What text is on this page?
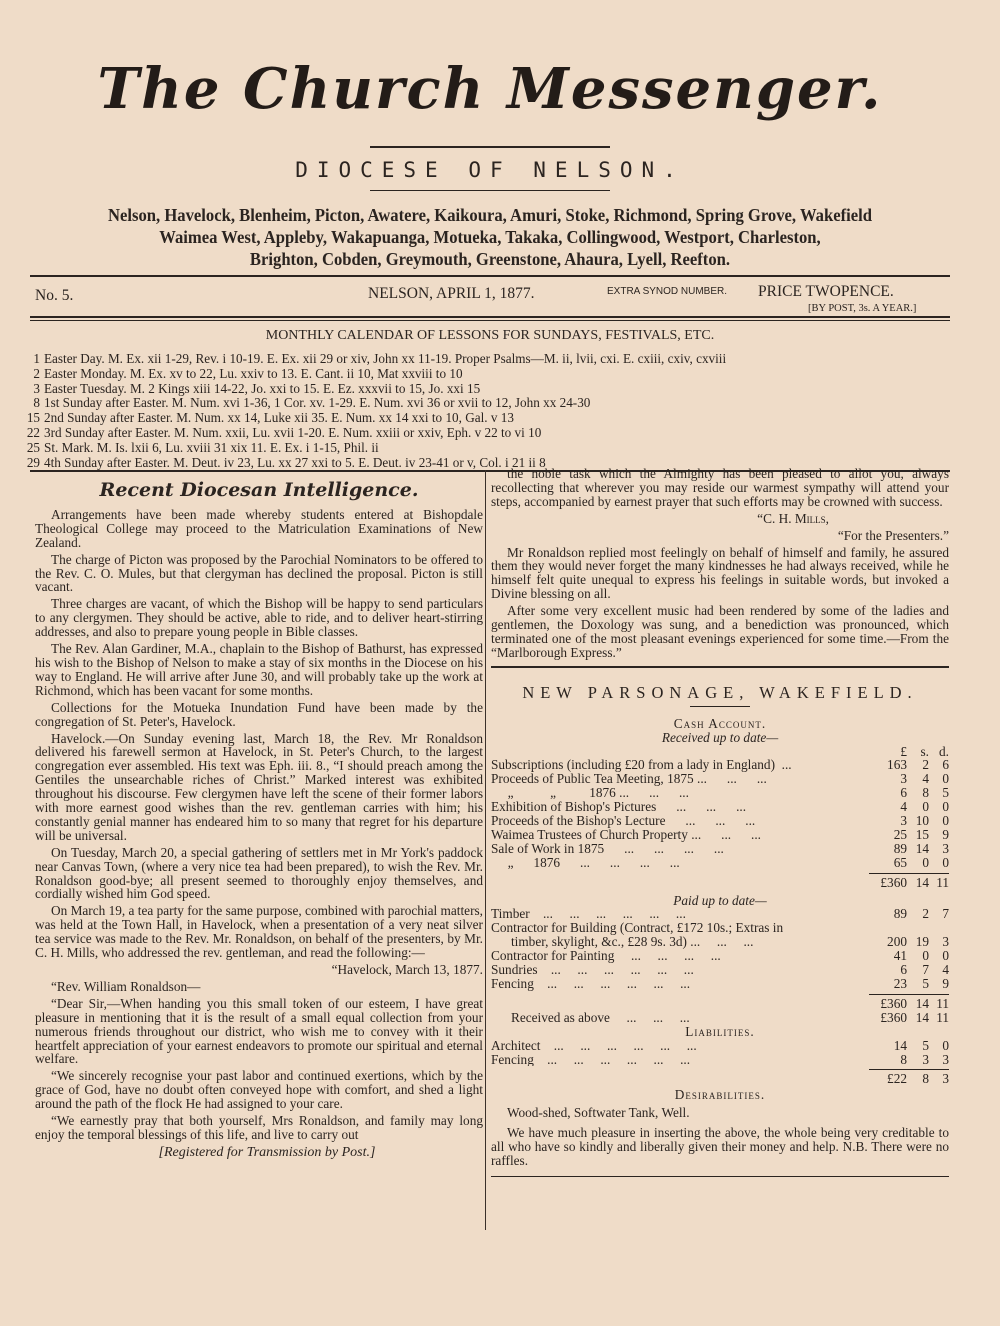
The Church Messenger.
DIOCESE OF NELSON.
Nelson, Havelock, Blenheim, Picton, Awatere, Kaikoura, Amuri, Stoke, Richmond, Spring Grove, Wakefield
Waimea West, Appleby, Wakapuanga, Motueka, Takaka, Collingwood, Westport, Charleston,
Brighton, Cobden, Greymouth, Greenstone, Ahaura, Lyell, Reefton.
No. 5.	NELSON, APRIL 1, 1877.	EXTRA SYNOD NUMBER. PRICE TWOPENCE.
[BY POST, 3s. A YEAR.]
MONTHLY CALENDAR OF LESSONS FOR SUNDAYS, FESTIVALS, ETC.
1 Easter Day. M. Ex. xii 1-29, Rev. i 10-19. E. Ex. xii 29 or xiv, John xx 11-19. Proper Psalms—M. ii, lvii, cxi. E. cxiii, cxiv, cxviii
2 Easter Monday. M. Ex. xv to 22, Lu. xxiv to 13. E. Cant. ii 10, Mat xxviii to 10
3 Easter Tuesday. M. 2 Kings xiii 14-22, Jo. xxi to 15. E. Ez. xxxvii to 15, Jo. xxi 15
8 1st Sunday after Easter. M. Num. xvi 1-36, 1 Cor. xv. 1-29. E. Num. xvi 36 or xvii to 12, John xx 24-30
15 2nd Sunday after Easter. M. Num. xx 14, Luke xii 35. E. Num. xx 14 xxi to 10, Gal. v 13
22 3rd Sunday after Easter. M. Num. xxii, Lu. xvii 1-20. E. Num. xxiii or xxiv, Eph. v 22 to vi 10
25 St. Mark. M. Is. lxii 6, Lu. xviii 31 xix 11. E. Ex. i 1-15, Phil. ii
29 4th Sunday after Easter. M. Deut. iv 23, Lu. xx 27 xxi to 5. E. Deut. iv 23-41 or v, Col. i 21 ii 8
Recent Diocesan Intelligence.

Arrangements have been made whereby students entered at Bishopdale Theological College may proceed to the Matriculation Examinations of New Zealand.

The charge of Picton was proposed by the Parochial Nominators to be offered to the Rev. C. O. Mules, but that clergyman has declined the proposal. Picton is still vacant.

Three charges are vacant, of which the Bishop will be happy to send particulars to any clergymen. They should be active, able to ride, and to deliver heart-stirring addresses, and also to prepare young people in Bible classes.

The Rev. Alan Gardiner, M.A., chaplain to the Bishop of Bathurst, has expressed his wish to the Bishop of Nelson to make a stay of six months in the Diocese on his way to England. He will arrive after June 30, and will probably take up the work at Richmond, which has been vacant for some months.

Collections for the Motueka Inundation Fund have been made by the congregation of St. Peter's, Havelock.

Havelock.—On Sunday evening last, March 18, the Rev. Mr Ronaldson delivered his farewell sermon at Havelock, in St. Peter's Church, to the largest congregation ever assembled. His text was Eph. iii. 8., “I should preach among the Gentiles the unsearchable riches of Christ.” Marked interest was exhibited throughout his discourse. Few clergymen have left the scene of their former labors with more earnest good wishes than the rev. gentleman carries with him; his constantly genial manner has endeared him to so many that regret for his departure will be universal.

On Tuesday, March 20, a special gathering of settlers met in Mr York's paddock near Canvas Town, (where a very nice tea had been prepared), to wish the Rev. Mr. Ronaldson good-bye; all present seemed to thoroughly enjoy themselves, and cordially wished him God speed.

On March 19, a tea party for the same purpose, combined with parochial matters, was held at the Town Hall, in Havelock, when a presentation of a very neat silver tea service was made to the Rev. Mr. Ronaldson, on behalf of the presenters, by Mr. C. H. Mills, who addressed the rev. gentleman, and read the following:—

“Havelock, March 13, 1877.

“Rev. William Ronaldson—

“Dear Sir,—When handing you this small token of our esteem, I have great pleasure in mentioning that it is the result of a small equal collection from your numerous friends throughout our district, who wish me to convey with it their heartfelt appreciation of your earnest endeavors to promote our spiritual and eternal welfare.

“We sincerely recognise your past labor and continued exertions, which by the grace of God, have no doubt often conveyed hope with comfort, and shed a light around the path of the flock He had assigned to your care.

“We earnestly pray that both yourself, Mrs Ronaldson, and family may long enjoy the temporal blessings of this life, and live to carry out

[Registered for Transmission by Post.]

the noble task which the Almighty has been pleased to allot you, always recollecting that wherever you may reside our warmest sympathy will attend your steps, accompanied by earnest prayer that such efforts may be crowned with success.

“C. H. Mills,

“For the Presenters.”

Mr Ronaldson replied most feelingly on behalf of himself and family, he assured them they would never forget the many kindnesses he had always received, while he himself felt quite unequal to express his feelings in suitable words, but invoked a Divine blessing on all.

After some very excellent music had been rendered by some of the ladies and gentlemen, the Doxology was sung, and a benediction was pronounced, which terminated one of the most pleasant evenings experienced for some time.—From the “Marlborough Express.”

NEW PARSONAGE, WAKEFIELD.
Cash Account.
Received up to date—
£	s. d.
Subscriptions (including £20 from a lady in England)  ...	163	2	6
Proceeds of Public Tea Meeting, 1875 ...      ...      ...	3	4	0
„           „          1876 ...      ...      ...	6	8	5
Exhibition of Bishop's Pictures      ...      ...      ...	4	0	0
Proceeds of the Bishop's Lecture      ...      ...      ...	3 10	0
Waimea Trustees of Church Property ...      ...      ...	25 15	9
Sale of Work in 1875      ...      ...      ...      ...	89 14	3
„      1876      ...      ...      ...      ...	65	0	0
£360 14 11
Paid up to date—
Timber    ...     ...     ...     ...     ...     ...	89	2	7
Contractor for Building (Contract, £172 10s.; Extras in
timber, skylight, &c., £28 9s. 3d) ...     ...     ...	200 19	3
Contractor for Painting     ...     ...     ...     ...	41	0	0
Sundries    ...     ...     ...     ...     ...     ...	6	7	4
Fencing    ...     ...     ...     ...     ...     ...	23	5	9
£360 14 11
Received as above     ...     ...     ...	£360 14 11
Liabilities.
Architect    ...     ...     ...     ...     ...     ...	14	5	0
Fencing    ...     ...     ...     ...     ...     ...	8	3	3
£22	8	3
Desirabilities.

Wood-shed, Softwater Tank, Well.

We have much pleasure in inserting the above, the whole being very creditable to all who have so kindly and liberally given their money and help. N.B. There were no raffles.
